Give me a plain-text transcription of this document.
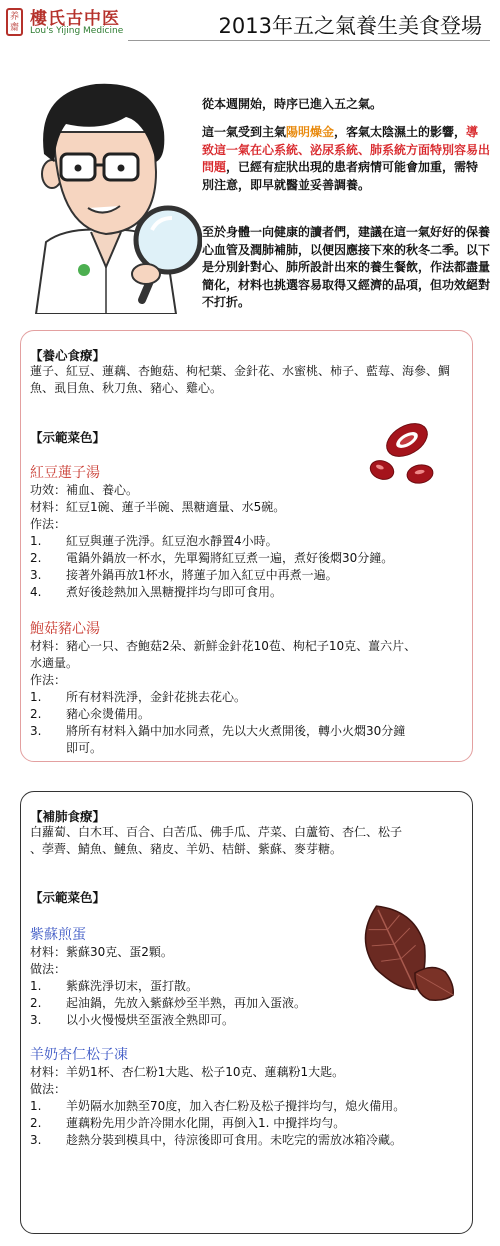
养齋 樓氏古中医
Lou's Yijing Medicine	2013年五之氣養生美食登場
從本週開始，時序已進入五之氣。
這一氣受到主氣陽明燥金，客氣太陰濕土的影響，導致這一氣在心系統、泌尿系統、肺系統方面特別容易出問題，已經有症狀出現的患者病情可能會加重，需特別注意，即早就醫並妥善調養。
至於身體一向健康的讀者們，建議在這一氣好好的保養心血管及潤肺補肺，以便因應接下來的秋冬二季。以下是分別針對心、肺所設計出來的養生餐飲，作法都盡量簡化，材料也挑選容易取得又經濟的品項，但功效絕對不打折。
【養心食療】
蓮子、紅豆、蓮藕、杏鮑菇、枸杞葉、金針花、水蜜桃、柿子、藍莓、海參、鯛魚、虱目魚、秋刀魚、豬心、雞心。
【示範菜色】
紅豆蓮子湯
功效：補血、養心。
材料：紅豆1碗、蓮子半碗、黑糖適量、水5碗。
作法：
1. 紅豆與蓮子洗淨。紅豆泡水靜置4小時。
2. 電鍋外鍋放一杯水，先單獨將紅豆煮一遍，煮好後燜30分鐘。
3. 接著外鍋再放1杯水，將蓮子加入紅豆中再煮一遍。
4. 煮好後趁熱加入黑糖攪拌均勻即可食用。
鮑菇豬心湯
材料：豬心一只、杏鮑菇2朵、新鮮金針花10苞、枸杞子10克、薑六片、
水適量。
作法：
1. 所有材料洗淨，金針花挑去花心。
2. 豬心氽燙備用。
3. 將所有材料入鍋中加水同煮，先以大火煮開後，轉小火燜30分鐘
即可。
【補肺食療】
白蘿蔔、白木耳、百合、白苦瓜、佛手瓜、芹菜、白蘆筍、杏仁、松子
、荸薺、鯖魚、鰱魚、豬皮、羊奶、桔餅、紫蘇、麥芽糖。
【示範菜色】
紫蘇煎蛋
材料：紫蘇30克、蛋2顆。
做法：
1. 紫蘇洗淨切末，蛋打散。
2. 起油鍋，先放入紫蘇炒至半熟，再加入蛋液。
3. 以小火慢慢烘至蛋液全熟即可。
羊奶杏仁松子凍
材料：羊奶1杯、杏仁粉1大匙、松子10克、蓮藕粉1大匙。
做法：
1. 羊奶隔水加熱至70度，加入杏仁粉及松子攪拌均勻，熄火備用。
2. 蓮藕粉先用少許冷開水化開，再倒入1. 中攪拌均勻。
3. 趁熱分裝到模具中，待涼後即可食用。未吃完的需放冰箱冷藏。
